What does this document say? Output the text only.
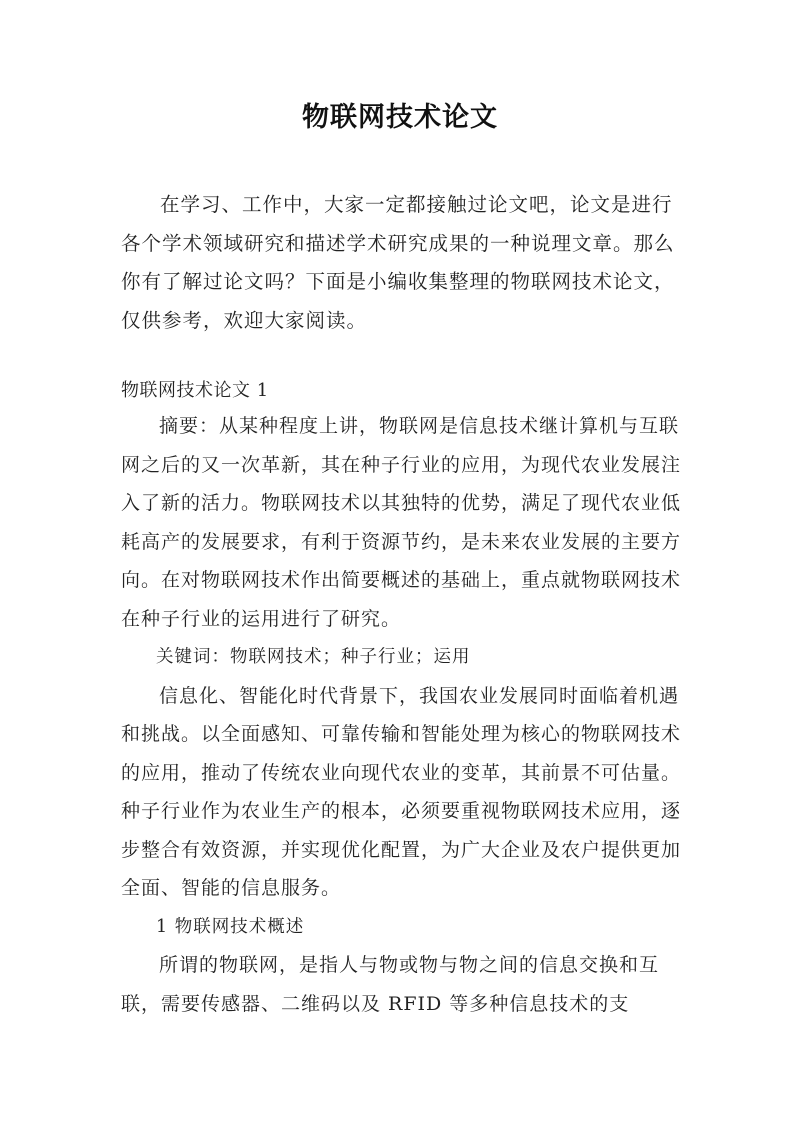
物联网技术论文

在学习、工作中，大家一定都接触过论文吧，论文是进行各个学术领域研究和描述学术研究成果的一种说理文章。那么你有了解过论文吗？下面是小编收集整理的物联网技术论文，仅供参考，欢迎大家阅读。

物联网技术论文 1

摘要：从某种程度上讲，物联网是信息技术继计算机与互联网之后的又一次革新，其在种子行业的应用，为现代农业发展注入了新的活力。物联网技术以其独特的优势，满足了现代农业低耗高产的发展要求，有利于资源节约，是未来农业发展的主要方向。在对物联网技术作出简要概述的基础上，重点就物联网技术在种子行业的运用进行了研究。

关键词：物联网技术；种子行业；运用

信息化、智能化时代背景下，我国农业发展同时面临着机遇和挑战。以全面感知、可靠传输和智能处理为核心的物联网技术的应用，推动了传统农业向现代农业的变革，其前景不可估量。种子行业作为农业生产的根本，必须要重视物联网技术应用，逐步整合有效资源，并实现优化配置，为广大企业及农户提供更加全面、智能的信息服务。

1 物联网技术概述

所谓的物联网，是指人与物或物与物之间的信息交换和互联，需要传感器、二维码以及 RFID 等多种信息技术的支
